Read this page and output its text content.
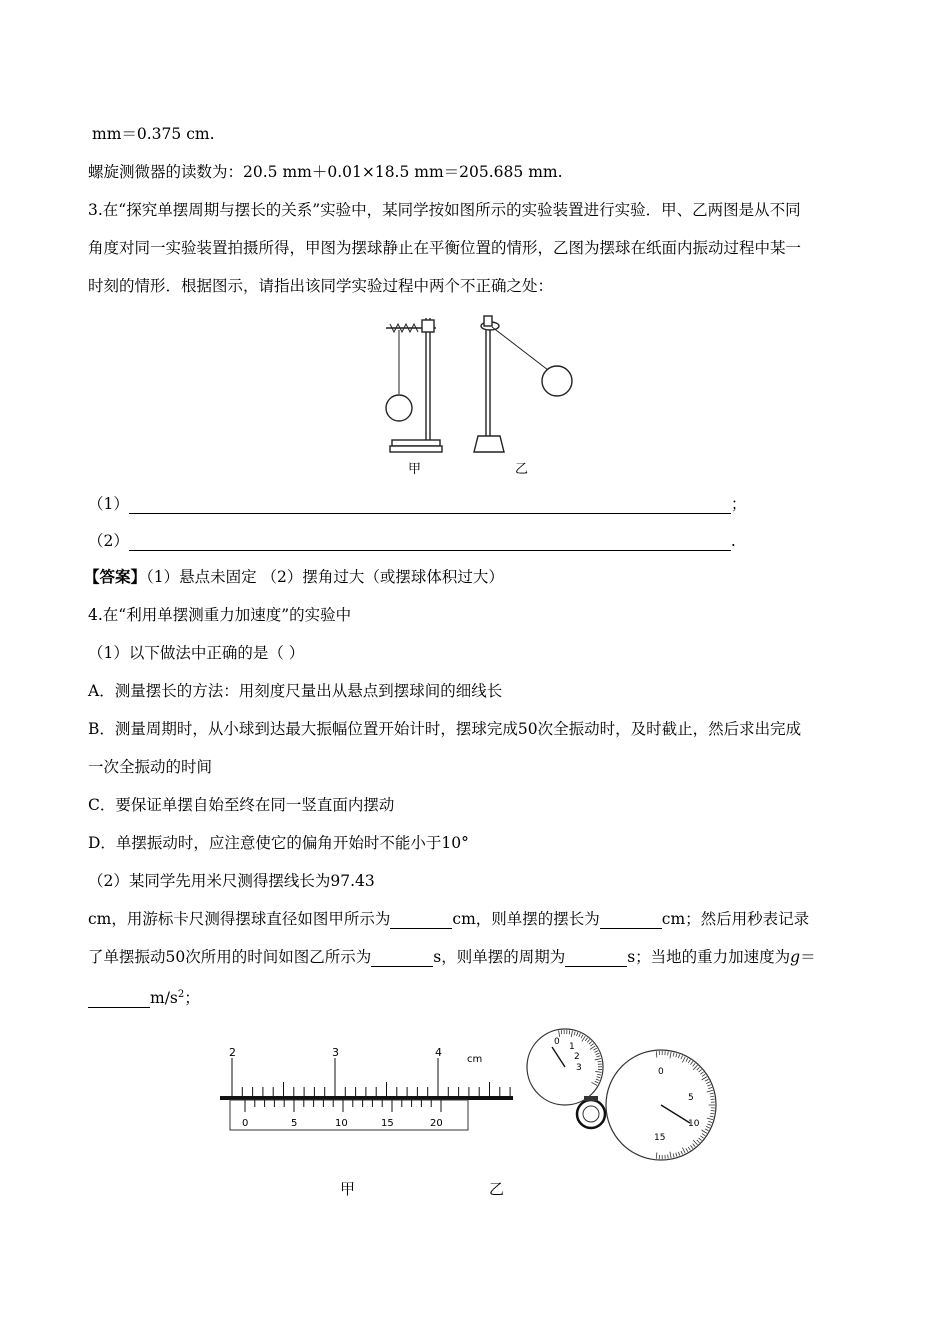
mm＝0.375 cm.
螺旋测微器的读数为：20.5 mm＋0.01×18.5 mm＝205.685 mm.
3.在“探究单摆周期与摆长的关系”实验中，某同学按如图所示的实验装置进行实验．甲、乙两图是从不同
角度对同一实验装置拍摄所得，甲图为摆球静止在平衡位置的情形，乙图为摆球在纸面内振动过程中某一
时刻的情形．根据图示，请指出该同学实验过程中两个不正确之处：
甲	乙
（1）	；
（2）	.
【答案】（1）悬点未固定 （2）摆角过大（或摆球体积过大）
4.在“利用单摆测重力加速度”的实验中
（1）以下做法中正确的是（ ）
A．测量摆长的方法：用刻度尺量出从悬点到摆球间的细线长
B．测量周期时，从小球到达最大振幅位置开始计时，摆球完成50次全振动时，及时截止，然后求出完成
一次全振动的时间
C．要保证单摆自始至终在同一竖直面内摆动
D．单摆振动时，应注意使它的偏角开始时不能小于10°
（2）某同学先用米尺测得摆线长为97.43
cm，用游标卡尺测得摆球直径如图甲所示为	cm，则单摆的摆长为	cm；然后用秒表记录
了单摆振动50次所用的时间如图乙所示为	s，则单摆的周期为	s；当地的重力加速度为g＝
$m/s^2$；
2	3	4
cm
0	5	10	15	20
0 1
2
3	0
5
10
15
甲	乙
